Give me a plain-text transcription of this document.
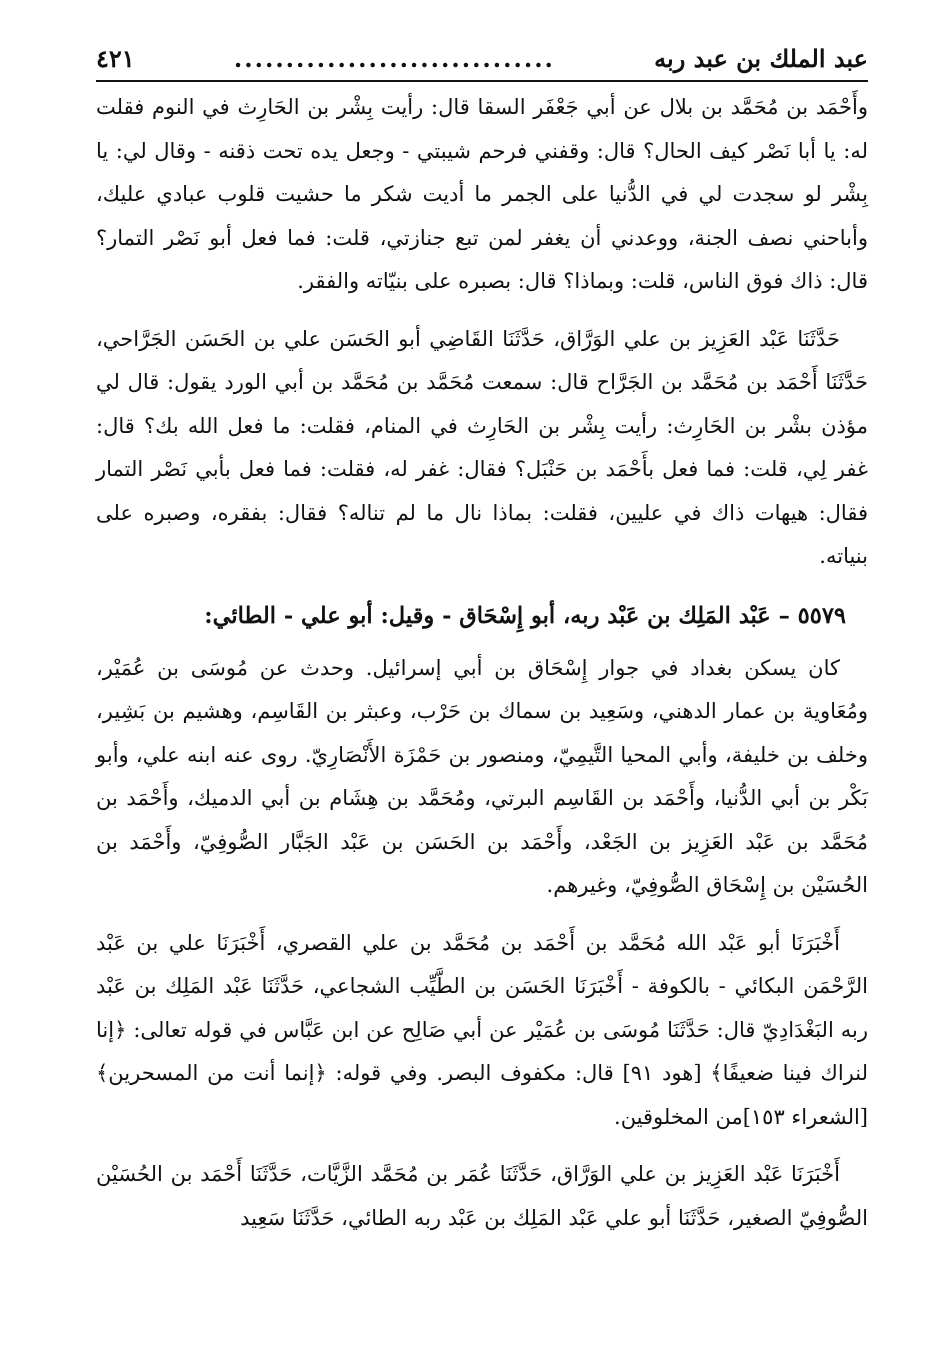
عبد الملك بن عبد ربه
...............................
٤٢١

وأَحْمَد بن مُحَمَّد بن بلال عن أبي جَعْفَر السقا قال: رأيت بِشْر بن الحَارِث في النوم فقلت له: يا أبا نَصْر كيف الحال؟ قال: وقفني فرحم شيبتي - وجعل يده تحت ذقنه - وقال لي: يا بِشْر لو سجدت لي في الدُّنيا على الجمر ما أديت شكر ما حشيت قلوب عبادي عليك، وأباحني نصف الجنة، ووعدني أن يغفر لمن تبع جنازتي، قلت: فما فعل أبو نَصْر التمار؟ قال: ذاك فوق الناس، قلت: وبماذا؟ قال: بصبره على بنيّاته والفقر.

حَدَّثَنَا عَبْد العَزِيز بن علي الوَرَّاق، حَدَّثَنَا القَاضِي أبو الحَسَن علي بن الحَسَن الجَرَّاحي، حَدَّثَنَا أَحْمَد بن مُحَمَّد بن الجَرَّاح قال: سمعت مُحَمَّد بن مُحَمَّد بن أبي الورد يقول: قال لي مؤذن بشْر بن الحَارِث: رأيت بِشْر بن الحَارِث في المنام، فقلت: ما فعل الله بك؟ قال: غفر لِي، قلت: فما فعل بأَحْمَد بن حَنْبَل؟ فقال: غفر له، فقلت: فما فعل بأبي نَصْر التمار فقال: هيهات ذاك في عليين، فقلت: بماذا نال ما لم تناله؟ فقال: بفقره، وصبره على بنياته.

٥٥٧٩ – عَبْد المَلِك بن عَبْد ربه، أبو إِسْحَاق - وقيل: أبو علي - الطائي:

كان يسكن بغداد في جوار إِسْحَاق بن أبي إسرائيل. وحدث عن مُوسَى بن عُمَيْر، ومُعَاوية بن عمار الدهني، وسَعِيد بن سماك بن حَرْب، وعبثر بن القَاسِم، وهشيم بن بَشِير، وخلف بن خليفة، وأبي المحيا التَّيمِيّ، ومنصور بن حَمْزَة الأَنْصَارِيّ. روى عنه ابنه علي، وأبو بَكْر بن أبي الدُّنيا، وأَحْمَد بن القَاسِم البرتي، ومُحَمَّد بن هِشَام بن أبي الدميك، وأَحْمَد بن مُحَمَّد بن عَبْد العَزِيز بن الجَعْد، وأَحْمَد بن الحَسَن بن عَبْد الجَبَّار الصُّوفِيّ، وأَحْمَد بن الحُسَيْن بن إِسْحَاق الصُّوفِيّ، وغيرهم.

أَخْبَرَنَا أبو عَبْد الله مُحَمَّد بن أَحْمَد بن مُحَمَّد بن علي القصري، أَخْبَرَنَا علي بن عَبْد الرَّحْمَن البكائي - بالكوفة - أَخْبَرَنَا الحَسَن بن الطَّيِّب الشجاعي، حَدَّثَنَا عَبْد المَلِك بن عَبْد ربه البَغْدَادِيّ قال: حَدَّثَنَا مُوسَى بن عُمَيْر عن أبي صَالِح عن ابن عَبَّاس في قوله تعالى: ﴿إنا لنراك فينا ضعيفًا﴾ [هود ٩١] قال: مكفوف البصر. وفي قوله: ﴿إنما أنت من المسحرين﴾ [الشعراء ١٥٣]من المخلوقين.

أَخْبَرَنَا عَبْد العَزِيز بن علي الوَرَّاق، حَدَّثَنَا عُمَر بن مُحَمَّد الزَّيَّات، حَدَّثَنَا أَحْمَد بن الحُسَيْن الصُّوفِيّ الصغير، حَدَّثَنَا أبو علي عَبْد المَلِك بن عَبْد ربه الطائي، حَدَّثَنَا سَعِيد
